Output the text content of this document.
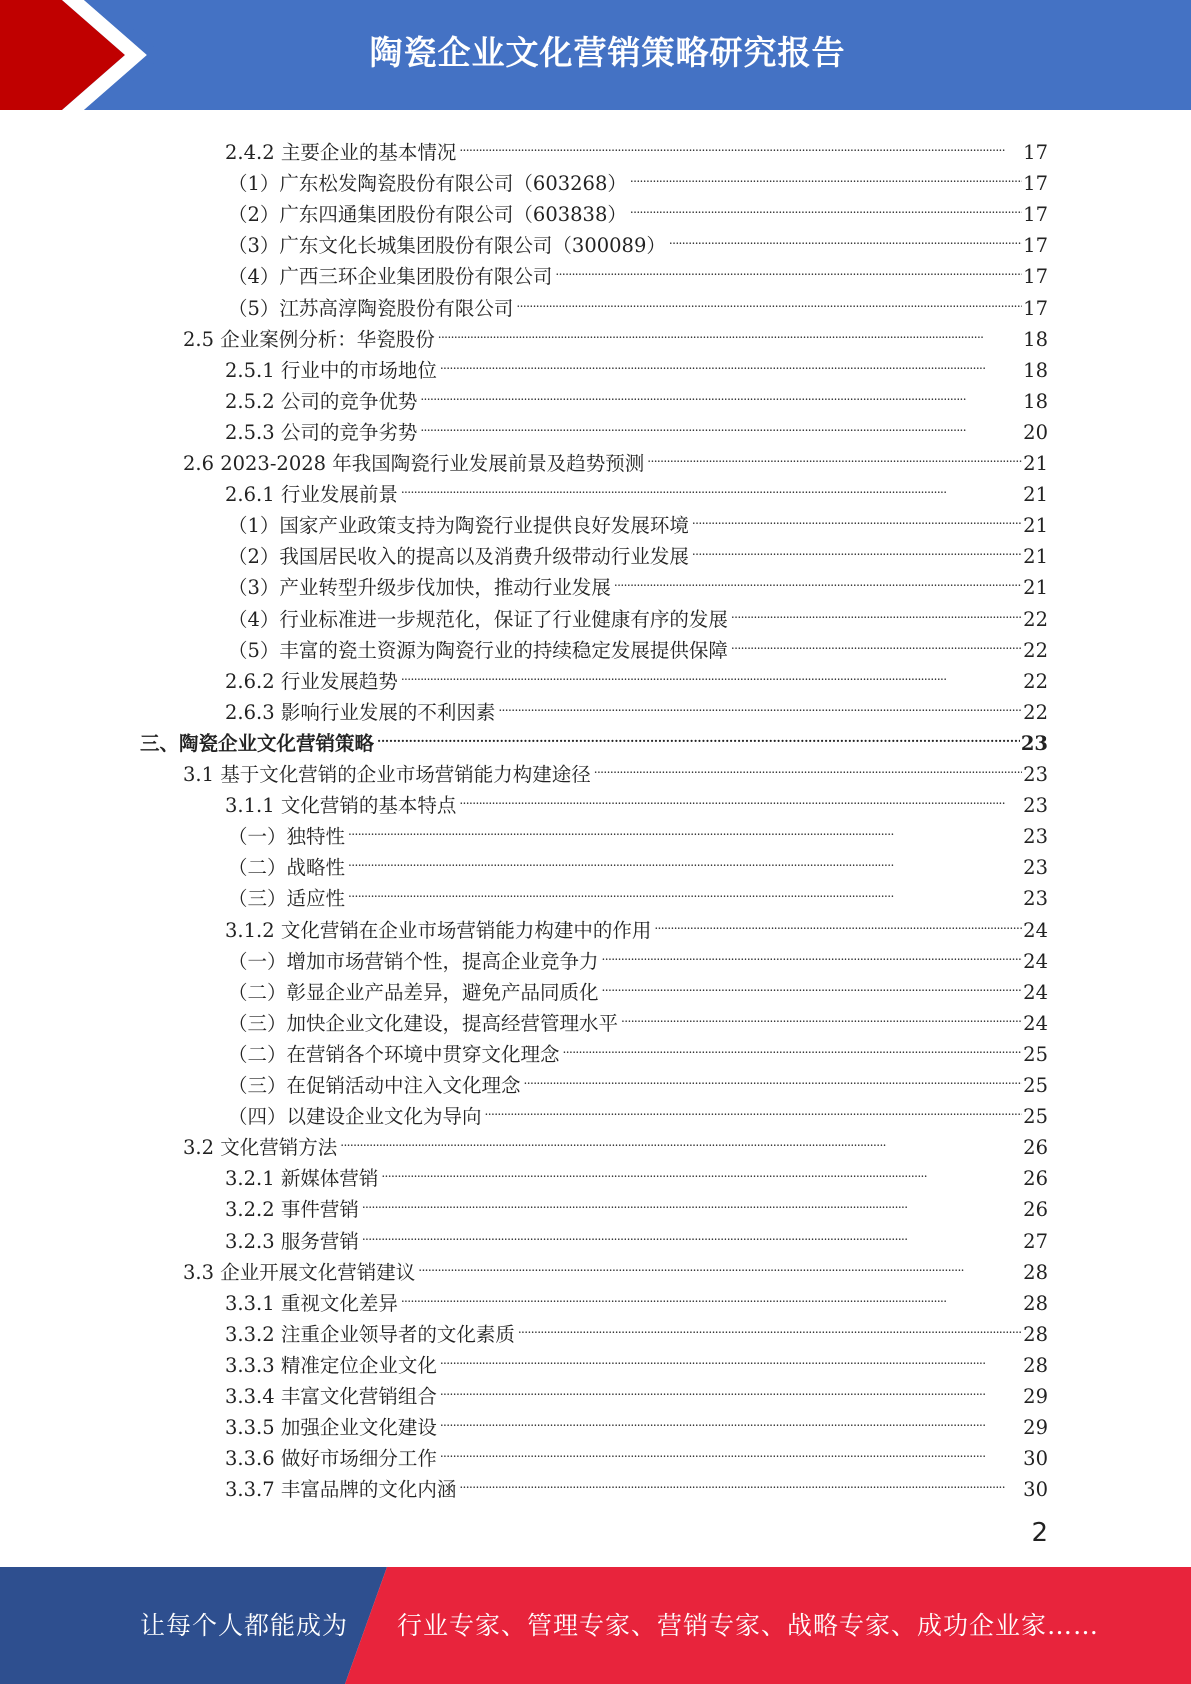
陶瓷企业文化营销策略研究报告
2.4.2 主要企业的基本情况 . . .	17
（1）广东松发陶瓷股份有限公司（603268） . . .	17
（2）广东四通集团股份有限公司（603838） . . .	17
（3）广东文化长城集团股份有限公司（300089） . . .	17
（4）广西三环企业集团股份有限公司 . . .	17
（5）江苏高淳陶瓷股份有限公司 . . .	17
2.5 企业案例分析：华瓷股份 . . .	18
2.5.1 行业中的市场地位 . . .	18
2.5.2 公司的竞争优势 . . .	18
2.5.3 公司的竞争劣势 . . .	20
2.6 2023-2028 年我国陶瓷行业发展前景及趋势预测 . . .	21
2.6.1 行业发展前景 . . .	21
（1）国家产业政策支持为陶瓷行业提供良好发展环境 . . .	21
（2）我国居民收入的提高以及消费升级带动行业发展 . . .	21
（3）产业转型升级步伐加快，推动行业发展 . . .	21
（4）行业标准进一步规范化，保证了行业健康有序的发展 . . .	22
（5）丰富的瓷土资源为陶瓷行业的持续稳定发展提供保障 . . .	22
2.6.2 行业发展趋势 . . .	22
2.6.3 影响行业发展的不利因素 . . .	22
三、陶瓷企业文化营销策略 . . .	23
3.1 基于文化营销的企业市场营销能力构建途径 . . .	23
3.1.1 文化营销的基本特点 . . .	23
（一）独特性 . . .	23
（二）战略性 . . .	23
（三）适应性 . . .	23
3.1.2 文化营销在企业市场营销能力构建中的作用 . . .	24
（一）增加市场营销个性，提高企业竞争力 . . .	24
（二）彰显企业产品差异，避免产品同质化 . . .	24
（三）加快企业文化建设，提高经营管理水平 . . .	24
（二）在营销各个环境中贯穿文化理念 . . .	25
（三）在促销活动中注入文化理念 . . .	25
（四）以建设企业文化为导向 . . .	25
3.2 文化营销方法 . . .	26
3.2.1 新媒体营销 . . .	26
3.2.2 事件营销 . . .	26
3.2.3 服务营销 . . .	27
3.3 企业开展文化营销建议 . . .	28
3.3.1 重视文化差异 . . .	28
3.3.2 注重企业领导者的文化素质 . . .	28
3.3.3 精准定位企业文化 . . .	28
3.3.4 丰富文化营销组合 . . .	29
3.3.5 加强企业文化建设 . . .	29
3.3.6 做好市场细分工作 . . .	30
3.3.7 丰富品牌的文化内涵 . . .	30
2
让每个人都能成为 行业专家、管理专家、营销专家、战略专家、成功企业家……
